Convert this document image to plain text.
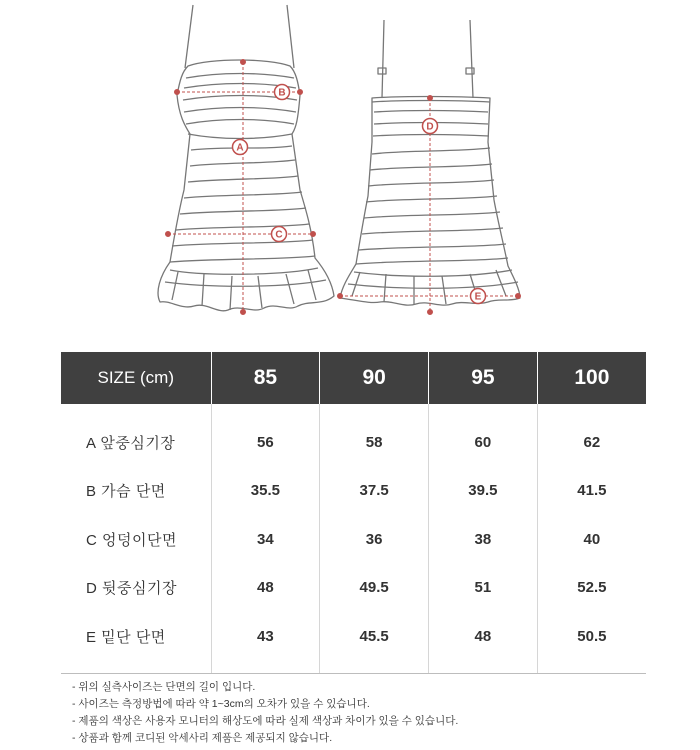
B
A
C
D
E
SIZE (cm)	85	90	95	100
A 앞중심기장	56	58	60	62
B 가슴 단면	35.5	37.5	39.5	41.5
C 엉덩이단면	34	36	38	40
D 뒷중심기장	48	49.5	51	52.5
E 밑단 단면	43	45.5	48	50.5
- 위의 실측사이즈는 단면의 길이 입니다.
- 사이즈는 측정방법에 따라 약 1~3cm의 오차가 있을 수 있습니다.
- 제품의 색상은 사용자 모니터의 해상도에 따라 실제 색상과 차이가 있을 수 있습니다.
- 상품과 함께 코디된 악세사리 제품은 제공되지 않습니다.
